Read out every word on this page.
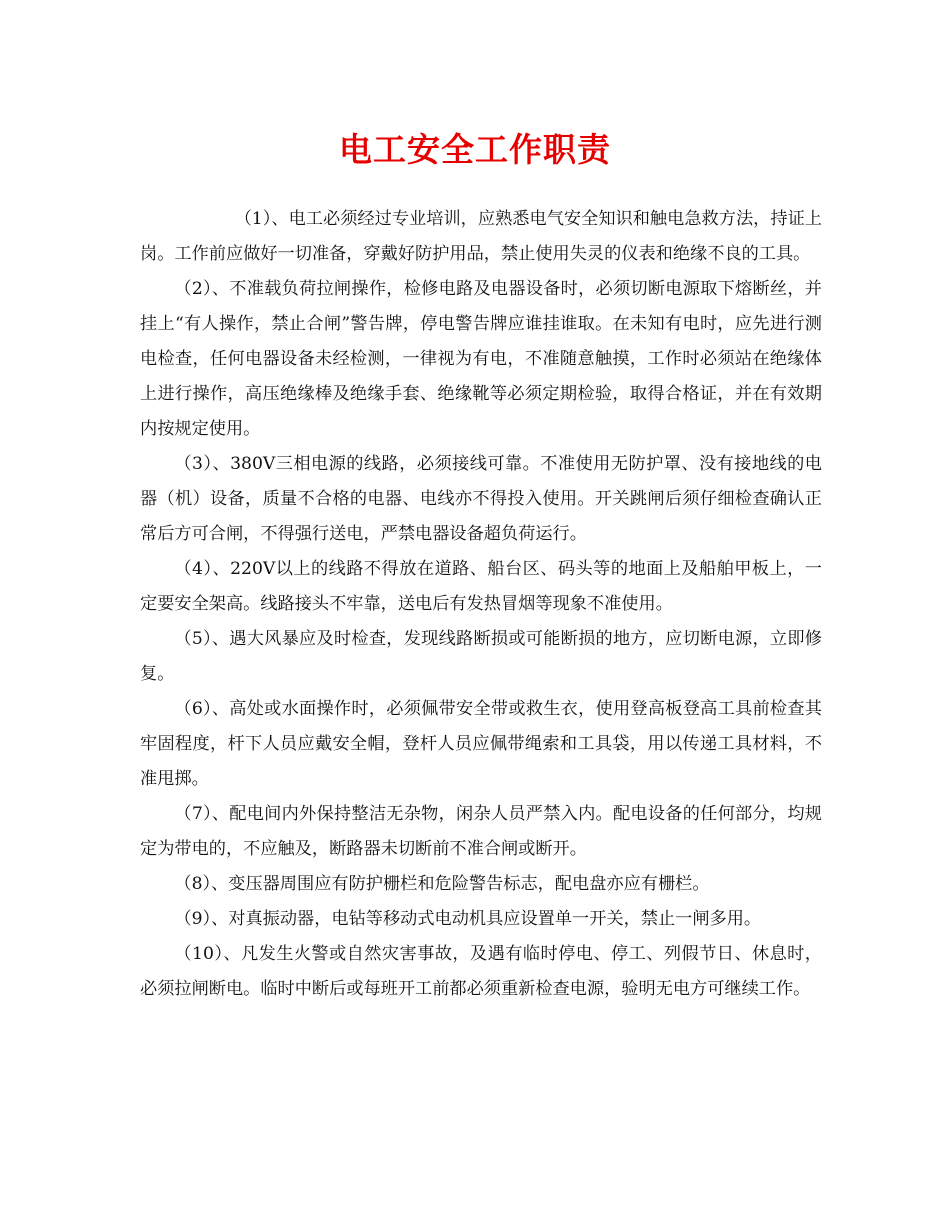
电工安全工作职责

（1）、电工必须经过专业培训，应熟悉电气安全知识和触电急救方法，持证上岗。工作前应做好一切准备，穿戴好防护用品，禁止使用失灵的仪表和绝缘不良的工具。

（2）、不准载负荷拉闸操作，检修电路及电器设备时，必须切断电源取下熔断丝，并挂上“有人操作，禁止合闸”警告牌，停电警告牌应谁挂谁取。在未知有电时，应先进行测电检查，任何电器设备未经检测，一律视为有电，不准随意触摸，工作时必须站在绝缘体上进行操作，高压绝缘棒及绝缘手套、绝缘靴等必须定期检验，取得合格证，并在有效期内按规定使用。

（3）、380V三相电源的线路，必须接线可靠。不准使用无防护罩、没有接地线的电器（机）设备，质量不合格的电器、电线亦不得投入使用。开关跳闸后须仔细检查确认正常后方可合闸，不得强行送电，严禁电器设备超负荷运行。

（4）、220V以上的线路不得放在道路、船台区、码头等的地面上及船舶甲板上，一定要安全架高。线路接头不牢靠，送电后有发热冒烟等现象不准使用。

（5）、遇大风暴应及时检查，发现线路断损或可能断损的地方，应切断电源，立即修复。

（6）、高处或水面操作时，必须佩带安全带或救生衣，使用登高板登高工具前检查其牢固程度，杆下人员应戴安全帽，登杆人员应佩带绳索和工具袋，用以传递工具材料，不准甩掷。

（7）、配电间内外保持整洁无杂物，闲杂人员严禁入内。配电设备的任何部分，均规定为带电的，不应触及，断路器未切断前不准合闸或断开。

（8）、变压器周围应有防护栅栏和危险警告标志，配电盘亦应有栅栏。

（9）、对真振动器，电钻等移动式电动机具应设置单一开关，禁止一闸多用。

（10）、凡发生火警或自然灾害事故，及遇有临时停电、停工、列假节日、休息时，必须拉闸断电。临时中断后或每班开工前都必须重新检查电源，验明无电方可继续工作。
